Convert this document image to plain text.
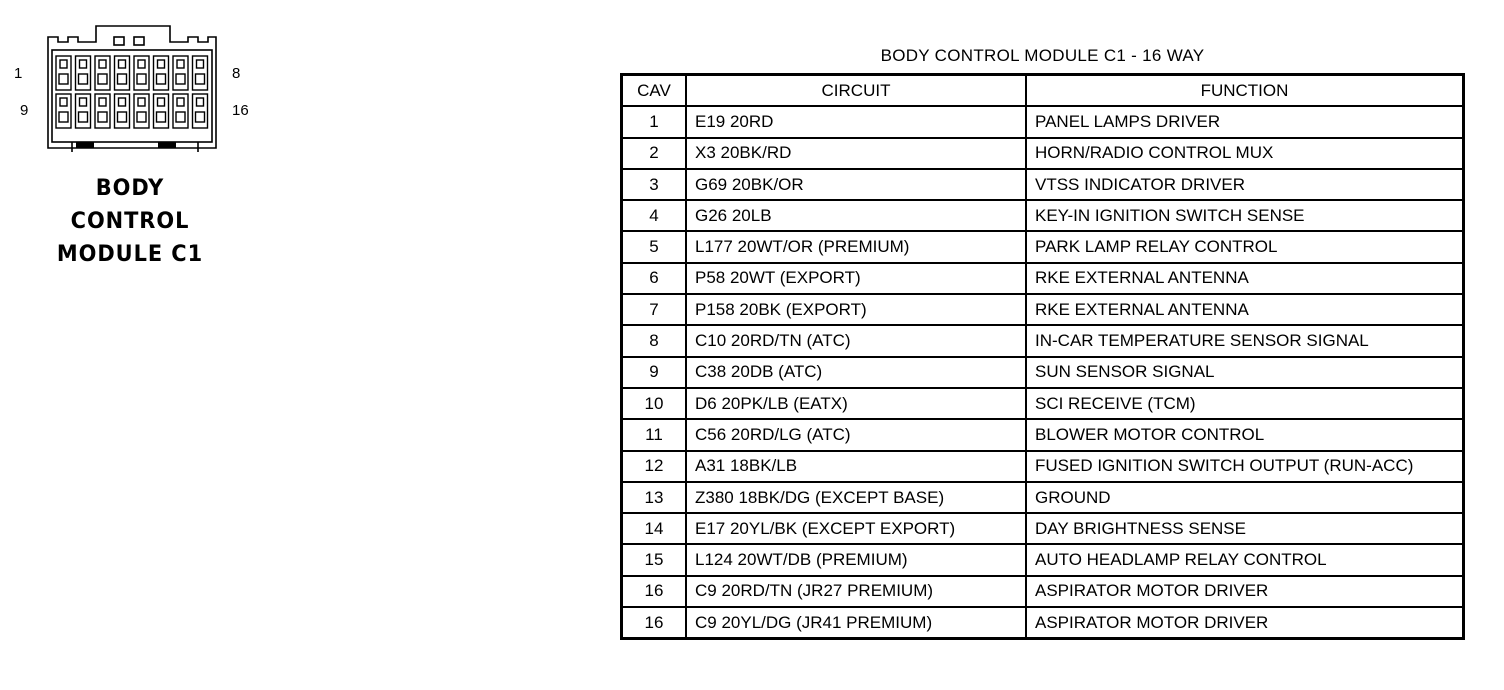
1	8
9	16
BODY
CONTROL
MODULE C1
BODY CONTROL MODULE C1 - 16 WAY
CAV	CIRCUIT	FUNCTION
1	E19 20RD	PANEL LAMPS DRIVER
2	X3 20BK/RD	HORN/RADIO CONTROL MUX
3	G69 20BK/OR	VTSS INDICATOR DRIVER
4	G26 20LB	KEY-IN IGNITION SWITCH SENSE
5	L177 20WT/OR (PREMIUM)	PARK LAMP RELAY CONTROL
6	P58 20WT (EXPORT)	RKE EXTERNAL ANTENNA
7	P158 20BK (EXPORT)	RKE EXTERNAL ANTENNA
8	C10 20RD/TN (ATC)	IN-CAR TEMPERATURE SENSOR SIGNAL
9	C38 20DB (ATC)	SUN SENSOR SIGNAL
10	D6 20PK/LB (EATX)	SCI RECEIVE (TCM)
11	C56 20RD/LG (ATC)	BLOWER MOTOR CONTROL
12	A31 18BK/LB	FUSED IGNITION SWITCH OUTPUT (RUN-ACC)
13	Z380 18BK/DG (EXCEPT BASE)	GROUND
14	E17 20YL/BK (EXCEPT EXPORT)	DAY BRIGHTNESS SENSE
15	L124 20WT/DB (PREMIUM)	AUTO HEADLAMP RELAY CONTROL
16	C9 20RD/TN (JR27 PREMIUM)	ASPIRATOR MOTOR DRIVER
16	C9 20YL/DG (JR41 PREMIUM)	ASPIRATOR MOTOR DRIVER
